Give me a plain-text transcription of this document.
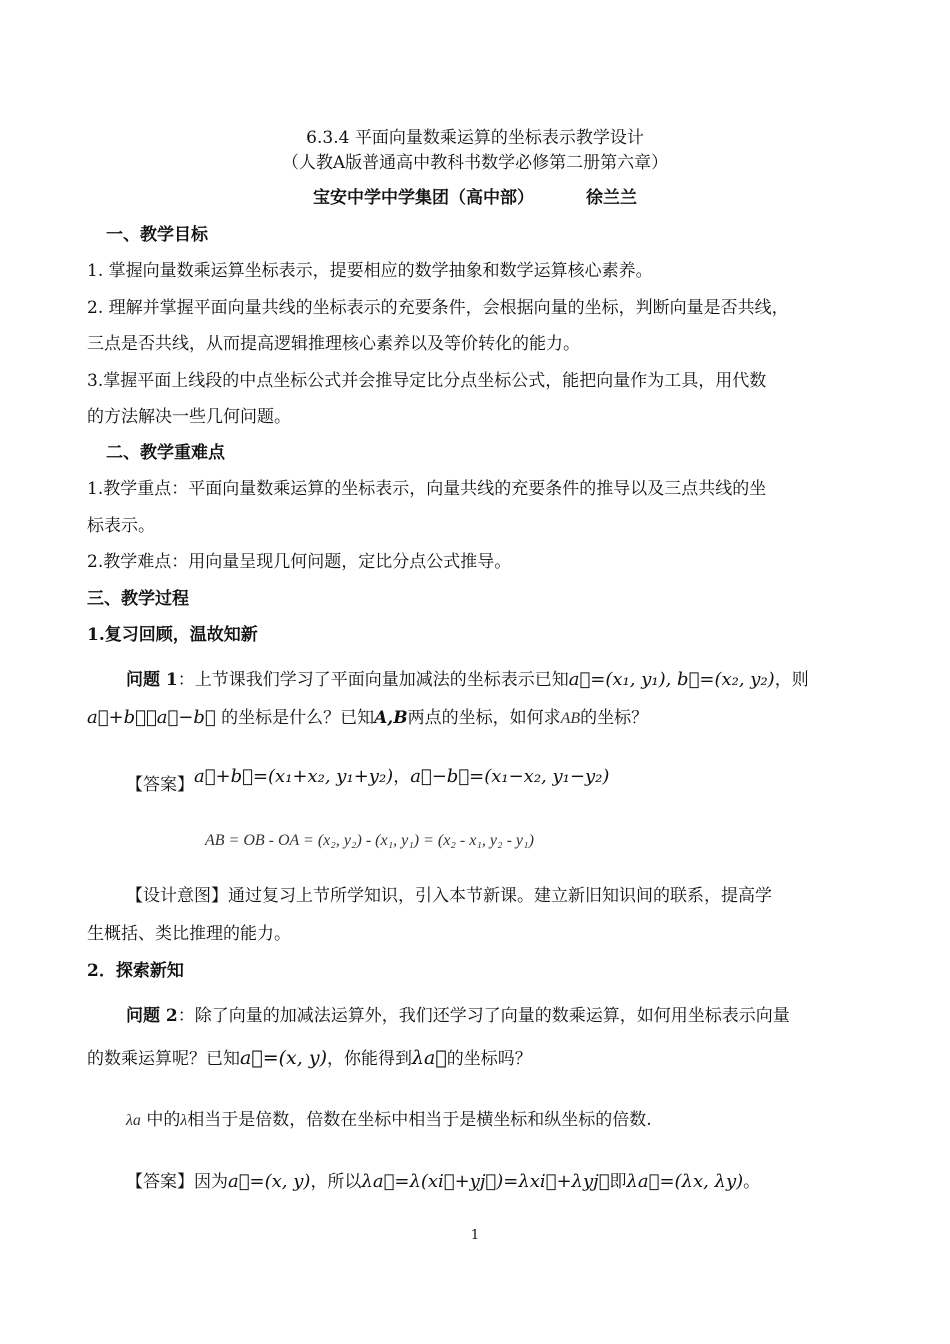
6.3.4 平面向量数乘运算的坐标表示教学设计
（人教A版普通高中教科书数学必修第二册第六章）
宝安中学中学集团（高中部）	徐兰兰
一、教学目标
1. 掌握向量数乘运算坐标表示，提要相应的数学抽象和数学运算核心素养。
2. 理解并掌握平面向量共线的坐标表示的充要条件，会根据向量的坐标，判断向量是否共线，
三点是否共线，从而提高逻辑推理核心素养以及等价转化的能力。
3.掌握平面上线段的中点坐标公式并会推导定比分点坐标公式，能把向量作为工具，用代数
的方法解决一些几何问题。
二、教学重难点
1.教学重点：平面向量数乘运算的坐标表示，向量共线的充要条件的推导以及三点共线的坐
标表示。
2.教学难点：用向量呈现几何问题，定比分点公式推导。
三、教学过程
1.复习回顾，温故知新
问题 1：上节课我们学习了平面向量加减法的坐标表示已知a⃗=(x₁, y₁), b⃗=(x₂, y₂)，则
a⃗+b⃗，a⃗−b⃗ 的坐标是什么？已知A,B两点的坐标，如何求AB的坐标？
【答案】a⃗+b⃗=(x₁+x₂, y₁+y₂)，a⃗−b⃗=(x₁−x₂, y₁−y₂)
AB = OB - OA = (x₂, y₂) - (x₁, y₁) = (x₂ - x₁, y₂ - y₁)
【设计意图】通过复习上节所学知识，引入本节新课。建立新旧知识间的联系，提高学
生概括、类比推理的能力。
2．探索新知
问题 2：除了向量的加减法运算外，我们还学习了向量的数乘运算，如何用坐标表示向量
的数乘运算呢？已知a⃗=(x, y)，你能得到λa⃗的坐标吗？
λa 中的λ相当于是倍数，倍数在坐标中相当于是横坐标和纵坐标的倍数.
【答案】因为a⃗=(x, y)，所以λa⃗=λ(xi⃗+yj⃗)=λxi⃗+λyj⃗即λa⃗=(λx, λy)。
1
